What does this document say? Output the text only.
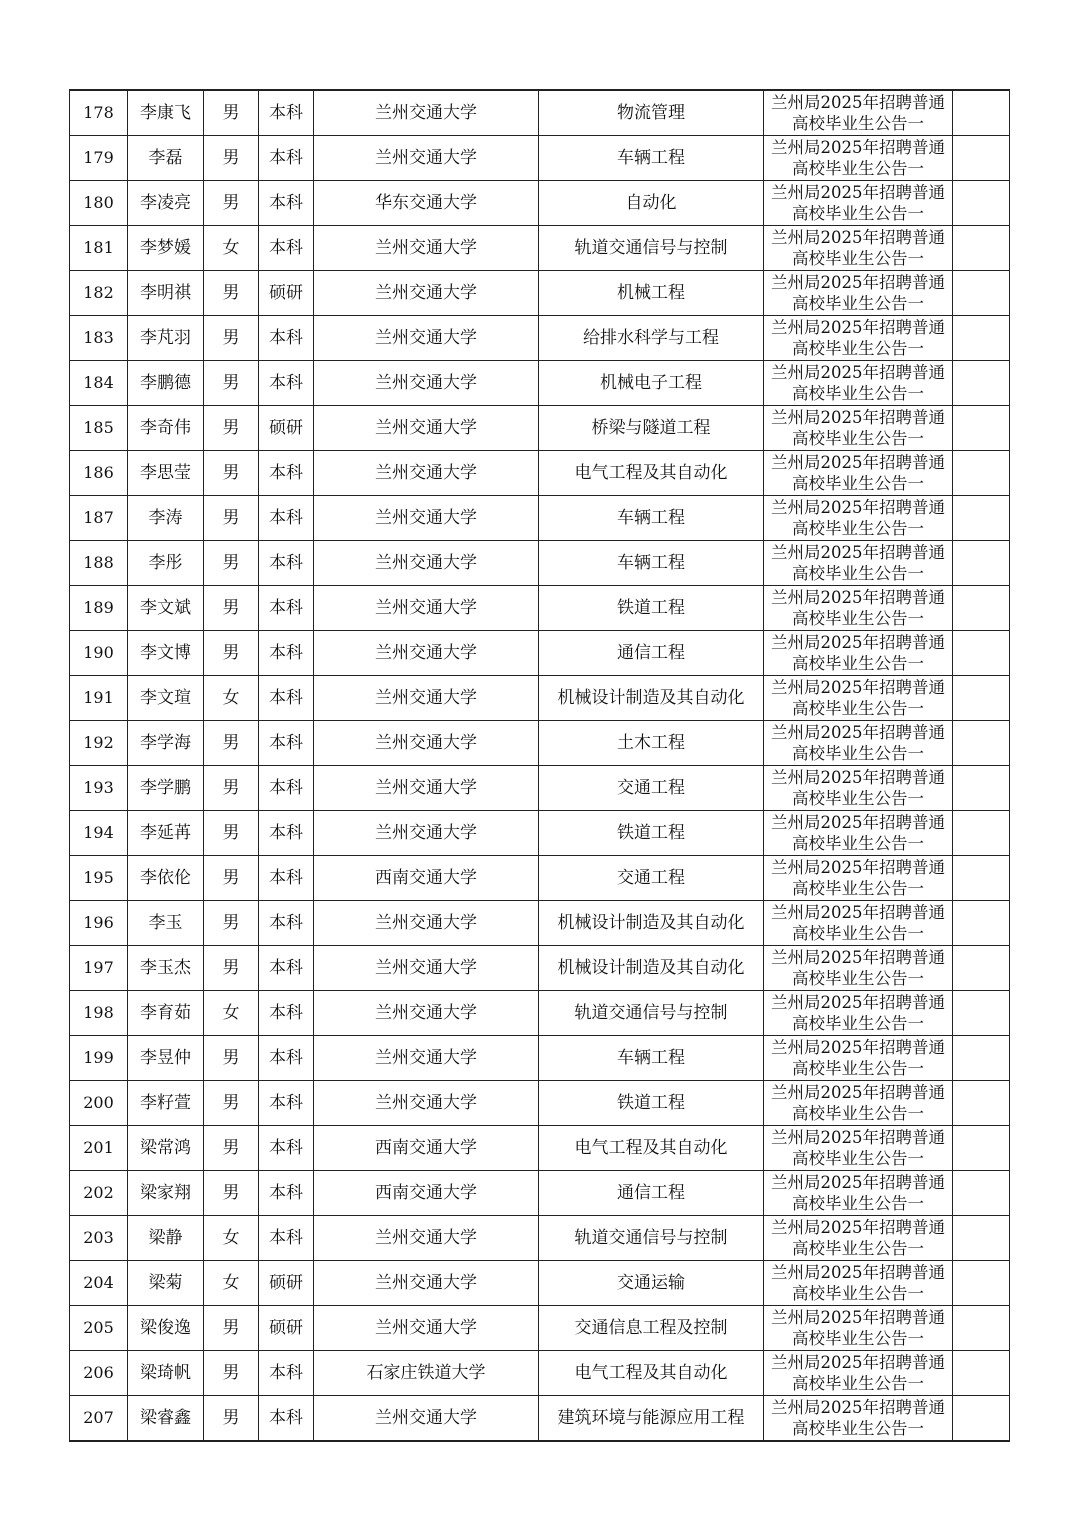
178	李康飞	男	本科	兰州交通大学	物流管理	兰州局2025年招聘普通
高校毕业生公告一	

179	李磊	男	本科	兰州交通大学	车辆工程	兰州局2025年招聘普通
高校毕业生公告一	

180	李凌亮	男	本科	华东交通大学	自动化	兰州局2025年招聘普通
高校毕业生公告一	

181	李梦媛	女	本科	兰州交通大学	轨道交通信号与控制	兰州局2025年招聘普通
高校毕业生公告一	

182	李明祺	男	硕研	兰州交通大学	机械工程	兰州局2025年招聘普通
高校毕业生公告一	

183	李芃羽	男	本科	兰州交通大学	给排水科学与工程	兰州局2025年招聘普通
高校毕业生公告一	

184	李鹏德	男	本科	兰州交通大学	机械电子工程	兰州局2025年招聘普通
高校毕业生公告一	

185	李奇伟	男	硕研	兰州交通大学	桥梁与隧道工程	兰州局2025年招聘普通
高校毕业生公告一	

186	李思莹	男	本科	兰州交通大学	电气工程及其自动化	兰州局2025年招聘普通
高校毕业生公告一	

187	李涛	男	本科	兰州交通大学	车辆工程	兰州局2025年招聘普通
高校毕业生公告一	

188	李彤	男	本科	兰州交通大学	车辆工程	兰州局2025年招聘普通
高校毕业生公告一	

189	李文斌	男	本科	兰州交通大学	铁道工程	兰州局2025年招聘普通
高校毕业生公告一	

190	李文博	男	本科	兰州交通大学	通信工程	兰州局2025年招聘普通
高校毕业生公告一	

191	李文瑄	女	本科	兰州交通大学	机械设计制造及其自动化	兰州局2025年招聘普通
高校毕业生公告一	

192	李学海	男	本科	兰州交通大学	土木工程	兰州局2025年招聘普通
高校毕业生公告一	

193	李学鹏	男	本科	兰州交通大学	交通工程	兰州局2025年招聘普通
高校毕业生公告一	

194	李延苒	男	本科	兰州交通大学	铁道工程	兰州局2025年招聘普通
高校毕业生公告一	

195	李依伦	男	本科	西南交通大学	交通工程	兰州局2025年招聘普通
高校毕业生公告一	

196	李玉	男	本科	兰州交通大学	机械设计制造及其自动化	兰州局2025年招聘普通
高校毕业生公告一	

197	李玉杰	男	本科	兰州交通大学	机械设计制造及其自动化	兰州局2025年招聘普通
高校毕业生公告一	

198	李育茹	女	本科	兰州交通大学	轨道交通信号与控制	兰州局2025年招聘普通
高校毕业生公告一	

199	李昱仲	男	本科	兰州交通大学	车辆工程	兰州局2025年招聘普通
高校毕业生公告一	

200	李籽萱	男	本科	兰州交通大学	铁道工程	兰州局2025年招聘普通
高校毕业生公告一	

201	梁常鸿	男	本科	西南交通大学	电气工程及其自动化	兰州局2025年招聘普通
高校毕业生公告一	

202	梁家翔	男	本科	西南交通大学	通信工程	兰州局2025年招聘普通
高校毕业生公告一	

203	梁静	女	本科	兰州交通大学	轨道交通信号与控制	兰州局2025年招聘普通
高校毕业生公告一	

204	梁菊	女	硕研	兰州交通大学	交通运输	兰州局2025年招聘普通
高校毕业生公告一	

205	梁俊逸	男	硕研	兰州交通大学	交通信息工程及控制	兰州局2025年招聘普通
高校毕业生公告一	

206	梁琦帆	男	本科	石家庄铁道大学	电气工程及其自动化	兰州局2025年招聘普通
高校毕业生公告一	

207	梁睿鑫	男	本科	兰州交通大学	建筑环境与能源应用工程	兰州局2025年招聘普通
高校毕业生公告一	
